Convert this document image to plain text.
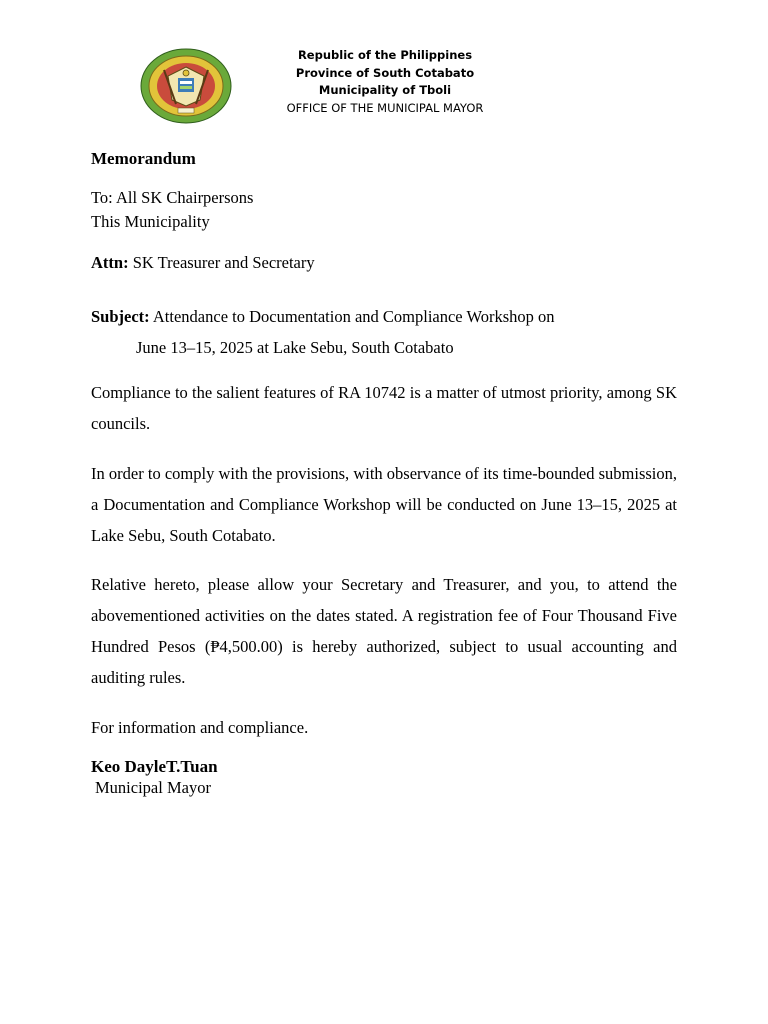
Republic of the Philippines
Province of South Cotabato
Municipality of Tboli
OFFICE OF THE MUNICIPAL MAYOR

Memorandum

To: All SK Chairpersons
This Municipality
Attn: SK Treasurer and Secretary
Subject: Attendance to Documentation and Compliance Workshop on
June 13–15, 2025 at Lake Sebu, South Cotabato

Compliance to the salient features of RA 10742 is a matter of utmost priority, among SK councils.

In order to comply with the provisions, with observance of its time-bounded submission, a Documentation and Compliance Workshop will be conducted on June 13–15, 2025 at Lake Sebu, South Cotabato.

Relative hereto, please allow your Secretary and Treasurer, and you, to attend the abovementioned activities on the dates stated. A registration fee of Four Thousand Five Hundred Pesos (₱4,500.00) is hereby authorized, subject to usual accounting and auditing rules.

For information and compliance.

Keo DayleT.Tuan
Municipal Mayor
